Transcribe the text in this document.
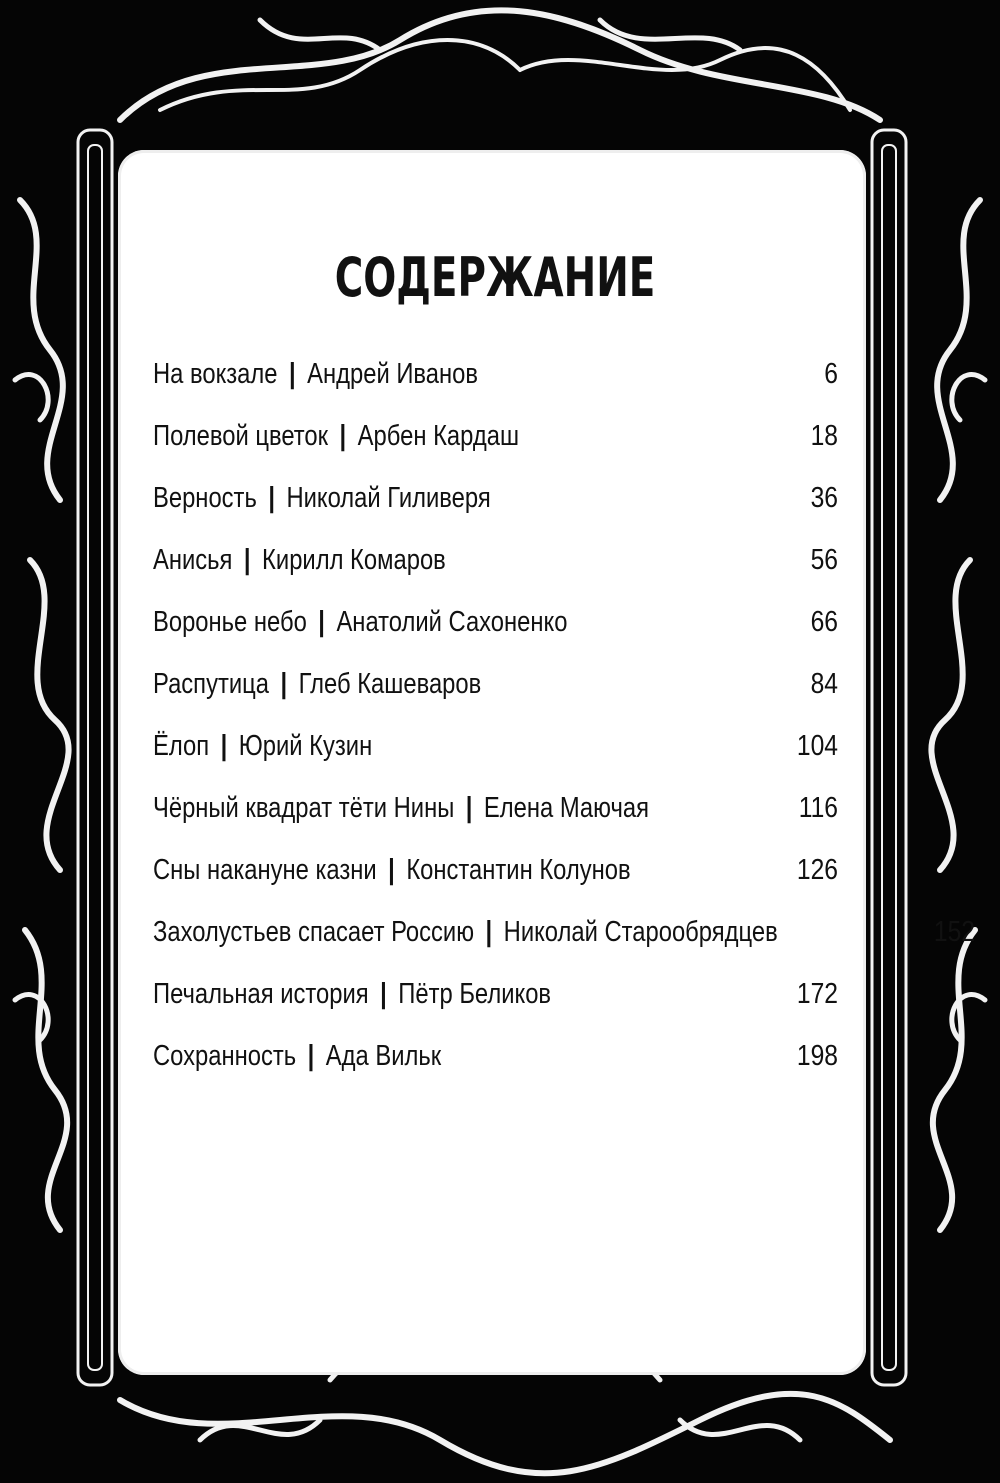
СОДЕРЖАНИЕ
На вокзале | Андрей Иванов	6
Полевой цветок | Арбен Кардаш	18
Верность | Николай Гиливеря	36
Анисья | Кирилл Комаров	56
Воронье небо | Анатолий Сахоненко	66
Распутица | Глеб Кашеваров	84
Ёлоп | Юрий Кузин	104
Чёрный квадрат тёти Нины | Елена Маючая	116
Сны накануне казни | Константин Колунов	126
Захолустьев спасает Россию | Николай Старообрядцев	152
Печальная история | Пётр Беликов	172
Сохранность | Ада Вильк	198
